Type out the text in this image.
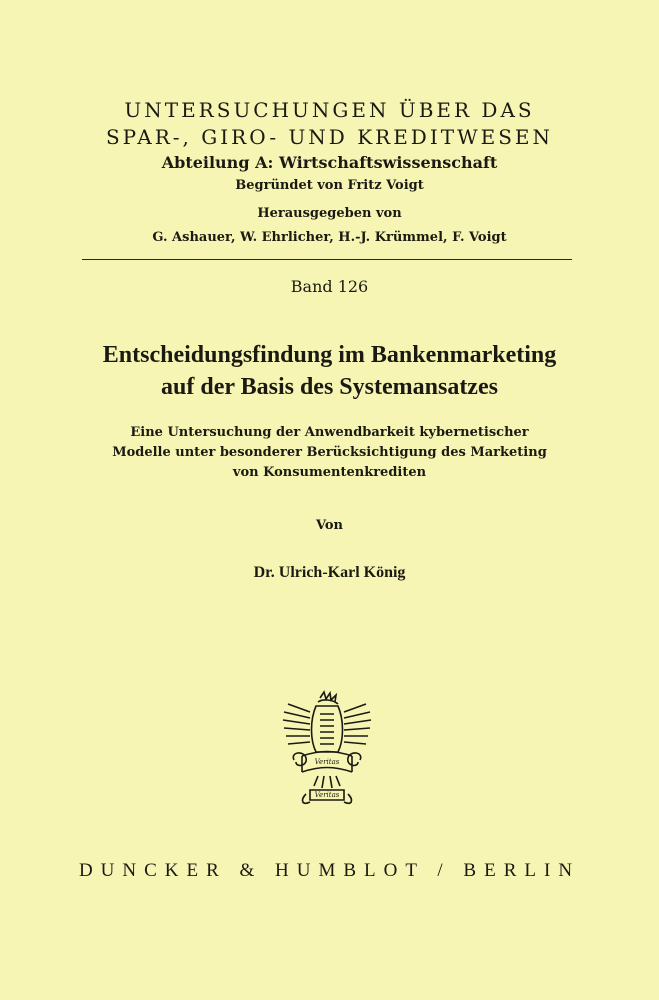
UNTERSUCHUNGEN ÜBER DAS
SPAR-, GIRO- UND KREDITWESEN
Abteilung A: Wirtschaftswissenschaft
Begründet von Fritz Voigt
Herausgegeben von
G. Ashauer, W. Ehrlicher, H.-J. Krümmel, F. Voigt
Band 126
Entscheidungsfindung im Bankenmarketing
auf der Basis des Systemansatzes
Eine Untersuchung der Anwendbarkeit kybernetischer
Modelle unter besonderer Berücksichtigung des Marketing
von Konsumentenkrediten
Von
Dr. Ulrich-Karl König
Veritas
Veritas
DUNCKER & HUMBLOT / BERLIN
